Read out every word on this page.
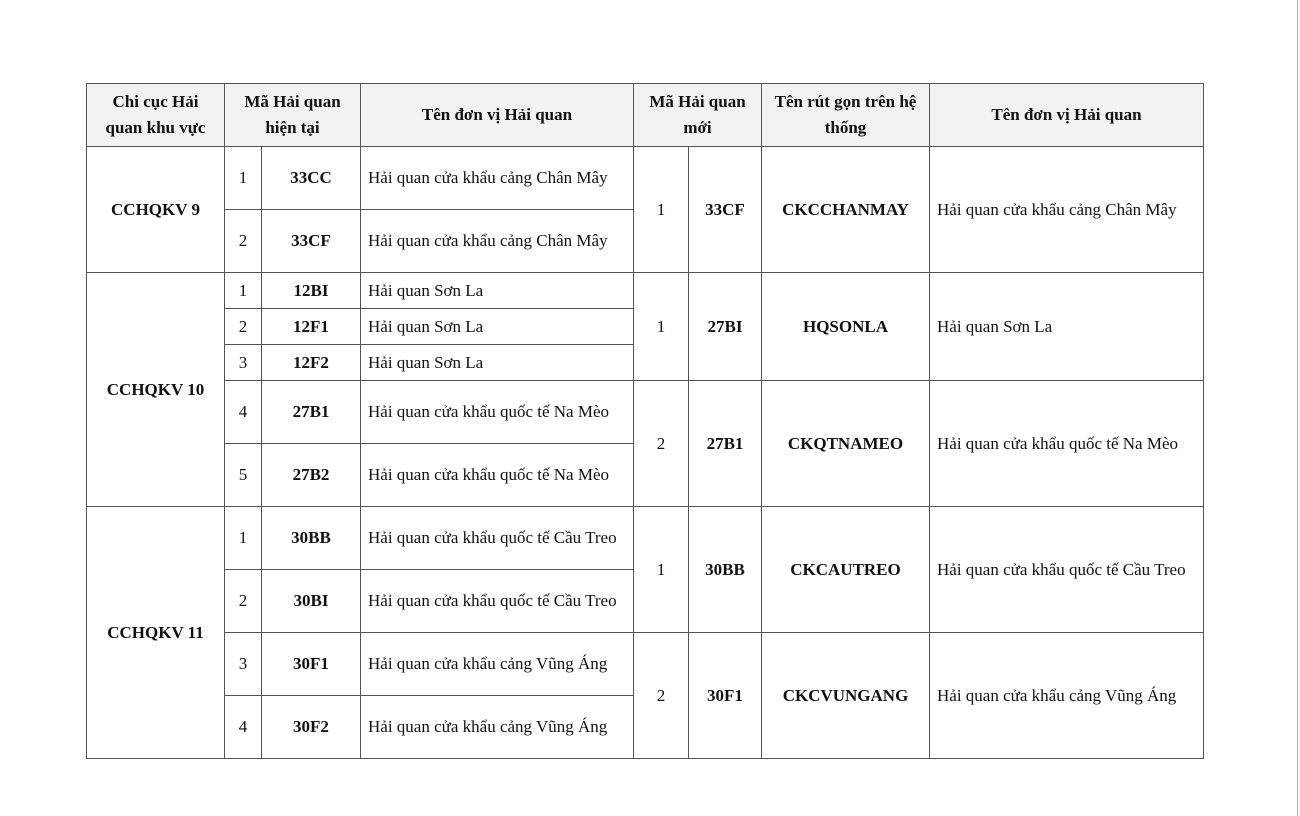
Chi cục Hải quan khu vực	Mã Hải quan hiện tại		Tên đơn vị Hải quan	Mã Hải quan mới		Tên rút gọn trên hệ thống	Tên đơn vị Hải quan
CCHQKV 9	1	33CC	Hải quan cửa khẩu cảng Chân Mây	1	33CF	CKCCHANMAY	Hải quan cửa khẩu cảng Chân Mây
	2	33CF	Hải quan cửa khẩu cảng Chân Mây				
CCHQKV 10	1	12BI	Hải quan Sơn La	1	27BI	HQSONLA	Hải quan Sơn La
	2	12F1	Hải quan Sơn La				
	3	12F2	Hải quan Sơn La				
	4	27B1	Hải quan cửa khẩu quốc tế Na Mèo	2	27B1	CKQTNAMEO	Hải quan cửa khẩu quốc tế Na Mèo
	5	27B2	Hải quan cửa khẩu quốc tế Na Mèo				
CCHQKV 11	1	30BB	Hải quan cửa khẩu quốc tế Cầu Treo	1	30BB	CKCAUTREO	Hải quan cửa khẩu quốc tế Cầu Treo
	2	30BI	Hải quan cửa khẩu quốc tế Cầu Treo				
	3	30F1	Hải quan cửa khẩu cảng Vũng Áng	2	30F1	CKCVUNGANG	Hải quan cửa khẩu cảng Vũng Áng
	4	30F2	Hải quan cửa khẩu cảng Vũng Áng				
